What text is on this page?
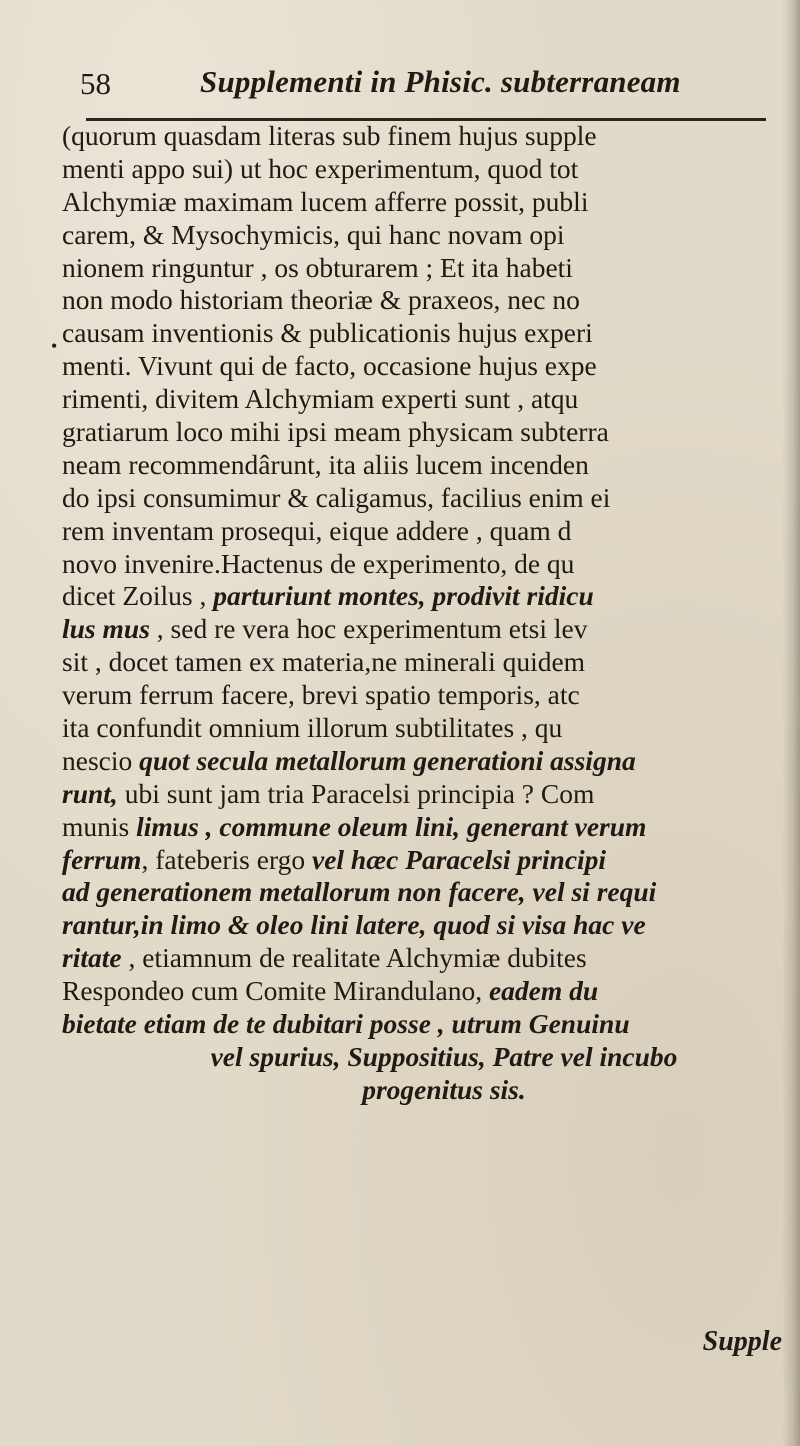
58	Supplementi in Phisic. subterraneam
•
(quorum quasdam literas sub finem hujus supple
menti appo sui) ut hoc experimentum, quod tot
Alchymiæ maximam lucem afferre possit, publi
carem, & Mysochymicis, qui hanc novam opi
nionem ringuntur , os obturarem ; Et ita habeti
non modo historiam theoriæ & praxeos, nec no
causam inventionis & publicationis hujus experi
menti. Vivunt qui de facto, occasione hujus expe
rimenti, divitem Alchymiam experti sunt , atqu
gratiarum loco mihi ipsi meam physicam subterra
neam recommendârunt, ita aliis lucem incenden
do ipsi consumimur & caligamus, facilius enim ei
rem inventam prosequi, eique addere , quam d
novo invenire.Hactenus de experimento, de qu
dicet Zoilus , parturiunt montes, prodivit ridicu
lus mus , sed re vera hoc experimentum etsi lev
sit , docet tamen ex materia,ne minerali quidem
verum ferrum facere, brevi spatio temporis, atc
ita confundit omnium illorum subtilitates , qu
nescio quot secula metallorum generationi assigna
runt, ubi sunt jam tria Paracelsi principia ? Com
munis limus , commune oleum lini, generant verum
ferrum, fateberis ergo vel hæc Paracelsi principi
ad generationem metallorum non facere, vel si requi
rantur,in limo & oleo lini latere, quod si visa hac ve
ritate , etiamnum de realitate Alchymiæ dubites
Respondeo cum Comite Mirandulano, eadem du
bietate etiam de te dubitari posse , utrum Genuinu
vel spurius, Suppositius, Patre vel incubo
progenitus sis.
Supple
